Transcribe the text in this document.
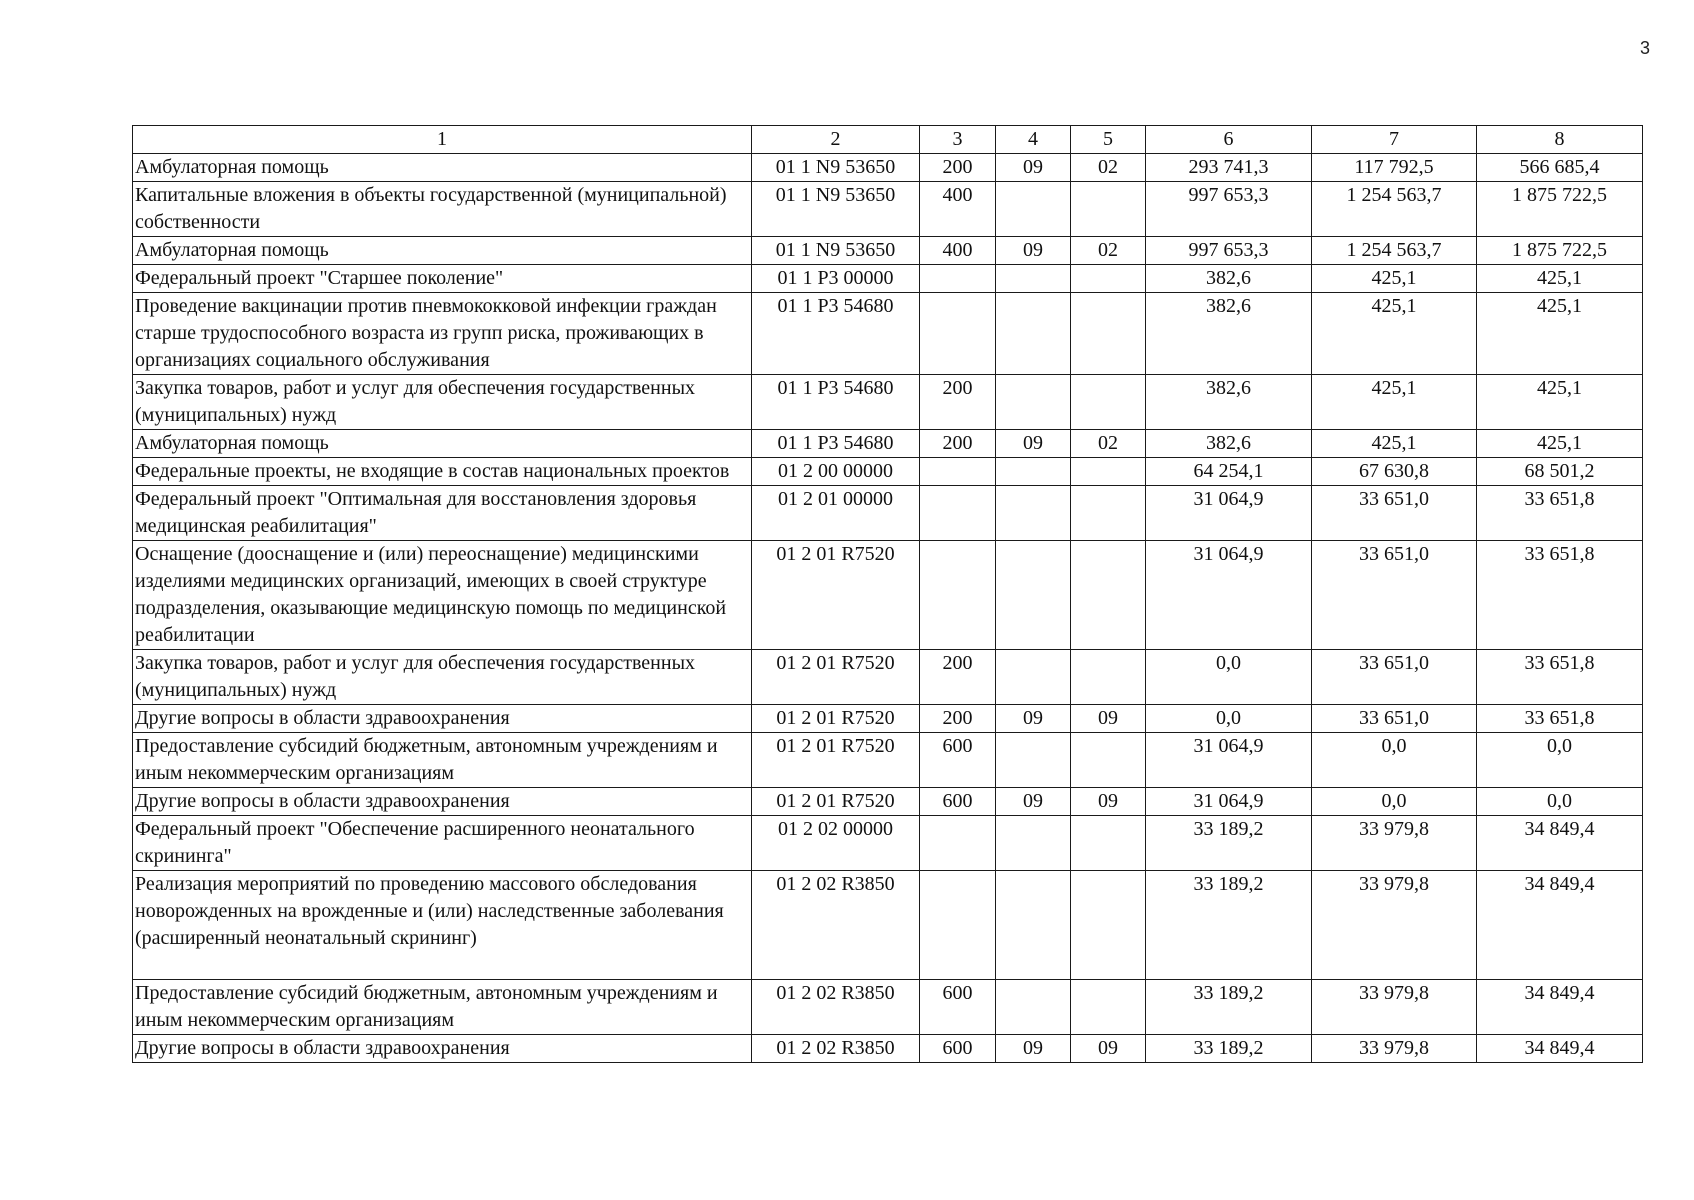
3
1	2	3	4	5	6	7	8
Амбулаторная помощь	01 1 N9 53650	200	09	02	293 741,3	117 792,5	566 685,4
Капитальные вложения в объекты государственной (муниципальной) собственности	01 1 N9 53650	400			997 653,3	1 254 563,7	1 875 722,5
Амбулаторная помощь	01 1 N9 53650	400	09	02	997 653,3	1 254 563,7	1 875 722,5
Федеральный проект "Старшее поколение"	01 1 P3 00000				382,6	425,1	425,1
Проведение вакцинации против пневмококковой инфекции граждан старше трудоспособного возраста из групп риска, проживающих в организациях социального обслуживания	01 1 P3 54680				382,6	425,1	425,1
Закупка товаров, работ и услуг для обеспечения государственных (муниципальных) нужд	01 1 P3 54680	200			382,6	425,1	425,1
Амбулаторная помощь	01 1 P3 54680	200	09	02	382,6	425,1	425,1
Федеральные проекты, не входящие в состав национальных проектов	01 2 00 00000				64 254,1	67 630,8	68 501,2
Федеральный проект "Оптимальная для восстановления здоровья медицинская реабилитация"	01 2 01 00000				31 064,9	33 651,0	33 651,8
Оснащение (дооснащение и (или) переоснащение) медицинскими изделиями медицинских организаций, имеющих в своей структуре подразделения, оказывающие медицинскую помощь по медицинской реабилитации	01 2 01 R7520				31 064,9	33 651,0	33 651,8
Закупка товаров, работ и услуг для обеспечения государственных (муниципальных) нужд	01 2 01 R7520	200			0,0	33 651,0	33 651,8
Другие вопросы в области здравоохранения	01 2 01 R7520	200	09	09	0,0	33 651,0	33 651,8
Предоставление субсидий бюджетным, автономным учреждениям и иным некоммерческим организациям	01 2 01 R7520	600			31 064,9	0,0	0,0
Другие вопросы в области здравоохранения	01 2 01 R7520	600	09	09	31 064,9	0,0	0,0
Федеральный проект "Обеспечение расширенного неонатального скрининга"	01 2 02 00000				33 189,2	33 979,8	34 849,4
Реализация мероприятий по проведению массового обследования новорожденных на врожденные и (или) наследственные заболевания (расширенный неонатальный скрининг)	01 2 02 R3850				33 189,2	33 979,8	34 849,4
Предоставление субсидий бюджетным, автономным учреждениям и иным некоммерческим организациям	01 2 02 R3850	600			33 189,2	33 979,8	34 849,4
Другие вопросы в области здравоохранения	01 2 02 R3850	600	09	09	33 189,2	33 979,8	34 849,4
